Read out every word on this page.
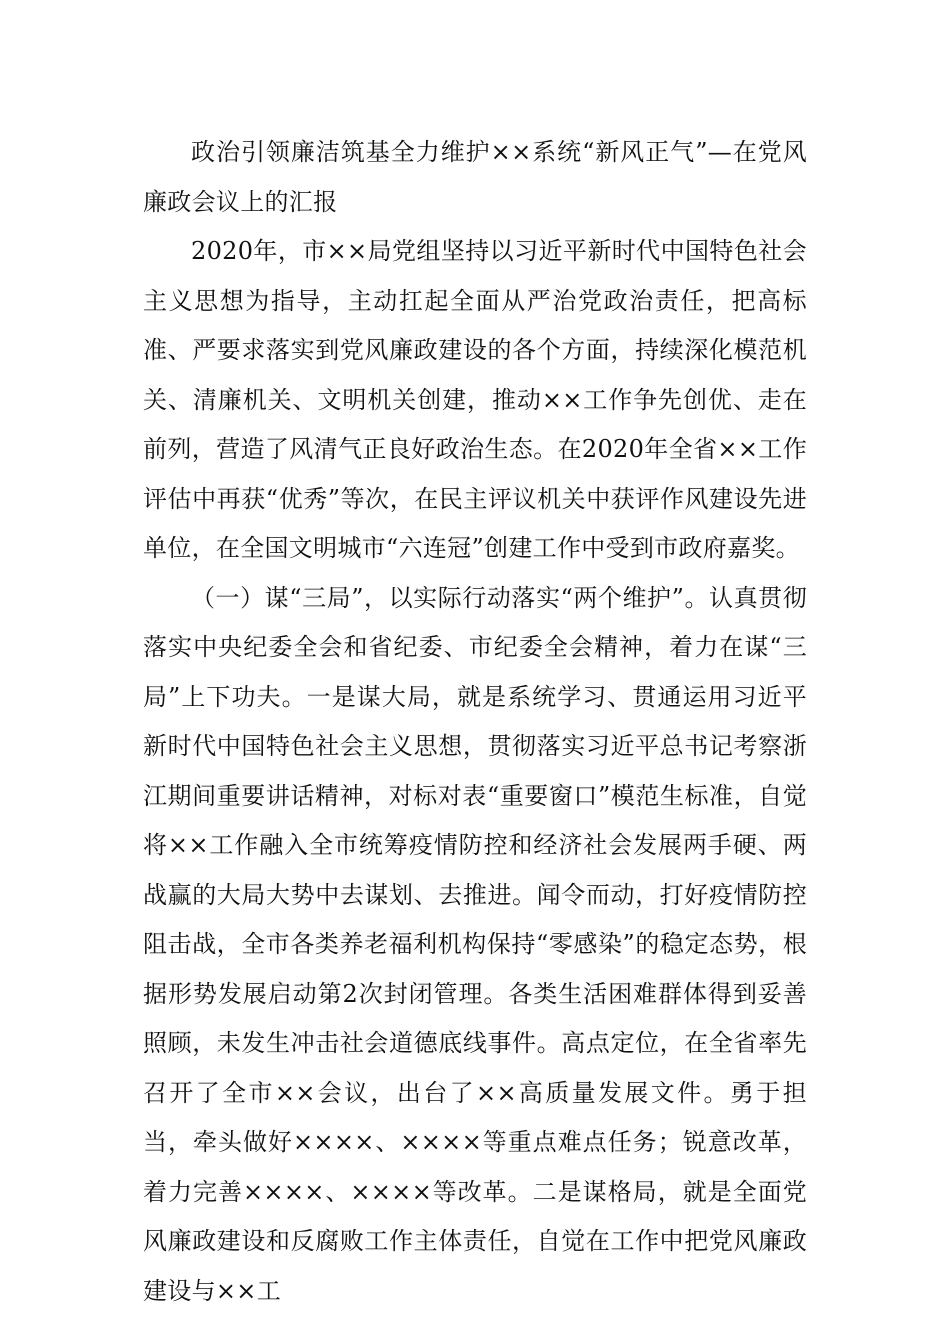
政治引领廉洁筑基全力维护××系统“新风正气”—在党风廉政会议上的汇报

2020年，市××局党组坚持以习近平新时代中国特色社会主义思想为指导，主动扛起全面从严治党政治责任，把高标准、严要求落实到党风廉政建设的各个方面，持续深化模范机关、清廉机关、文明机关创建，推动××工作争先创优、走在前列，营造了风清气正良好政治生态。在2020年全省××工作评估中再获“优秀”等次，在民主评议机关中获评作风建设先进单位，在全国文明城市“六连冠”创建工作中受到市政府嘉奖。

（一）谋“三局”，以实际行动落实“两个维护”。认真贯彻落实中央纪委全会和省纪委、市纪委全会精神，着力在谋“三局”上下功夫。一是谋大局，就是系统学习、贯通运用习近平新时代中国特色社会主义思想，贯彻落实习近平总书记考察浙江期间重要讲话精神，对标对表“重要窗口”模范生标准，自觉将××工作融入全市统筹疫情防控和经济社会发展两手硬、两战赢的大局大势中去谋划、去推进。闻令而动，打好疫情防控阻击战，全市各类养老福利机构保持“零感染”的稳定态势，根据形势发展启动第2次封闭管理。各类生活困难群体得到妥善照顾，未发生冲击社会道德底线事件。高点定位，在全省率先召开了全市××会议，出台了××高质量发展文件。勇于担当，牵头做好××××、××××等重点难点任务；锐意改革，着力完善××××、××××等改革。二是谋格局，就是全面党风廉政建设和反腐败工作主体责任，自觉在工作中把党风廉政建设与××工
